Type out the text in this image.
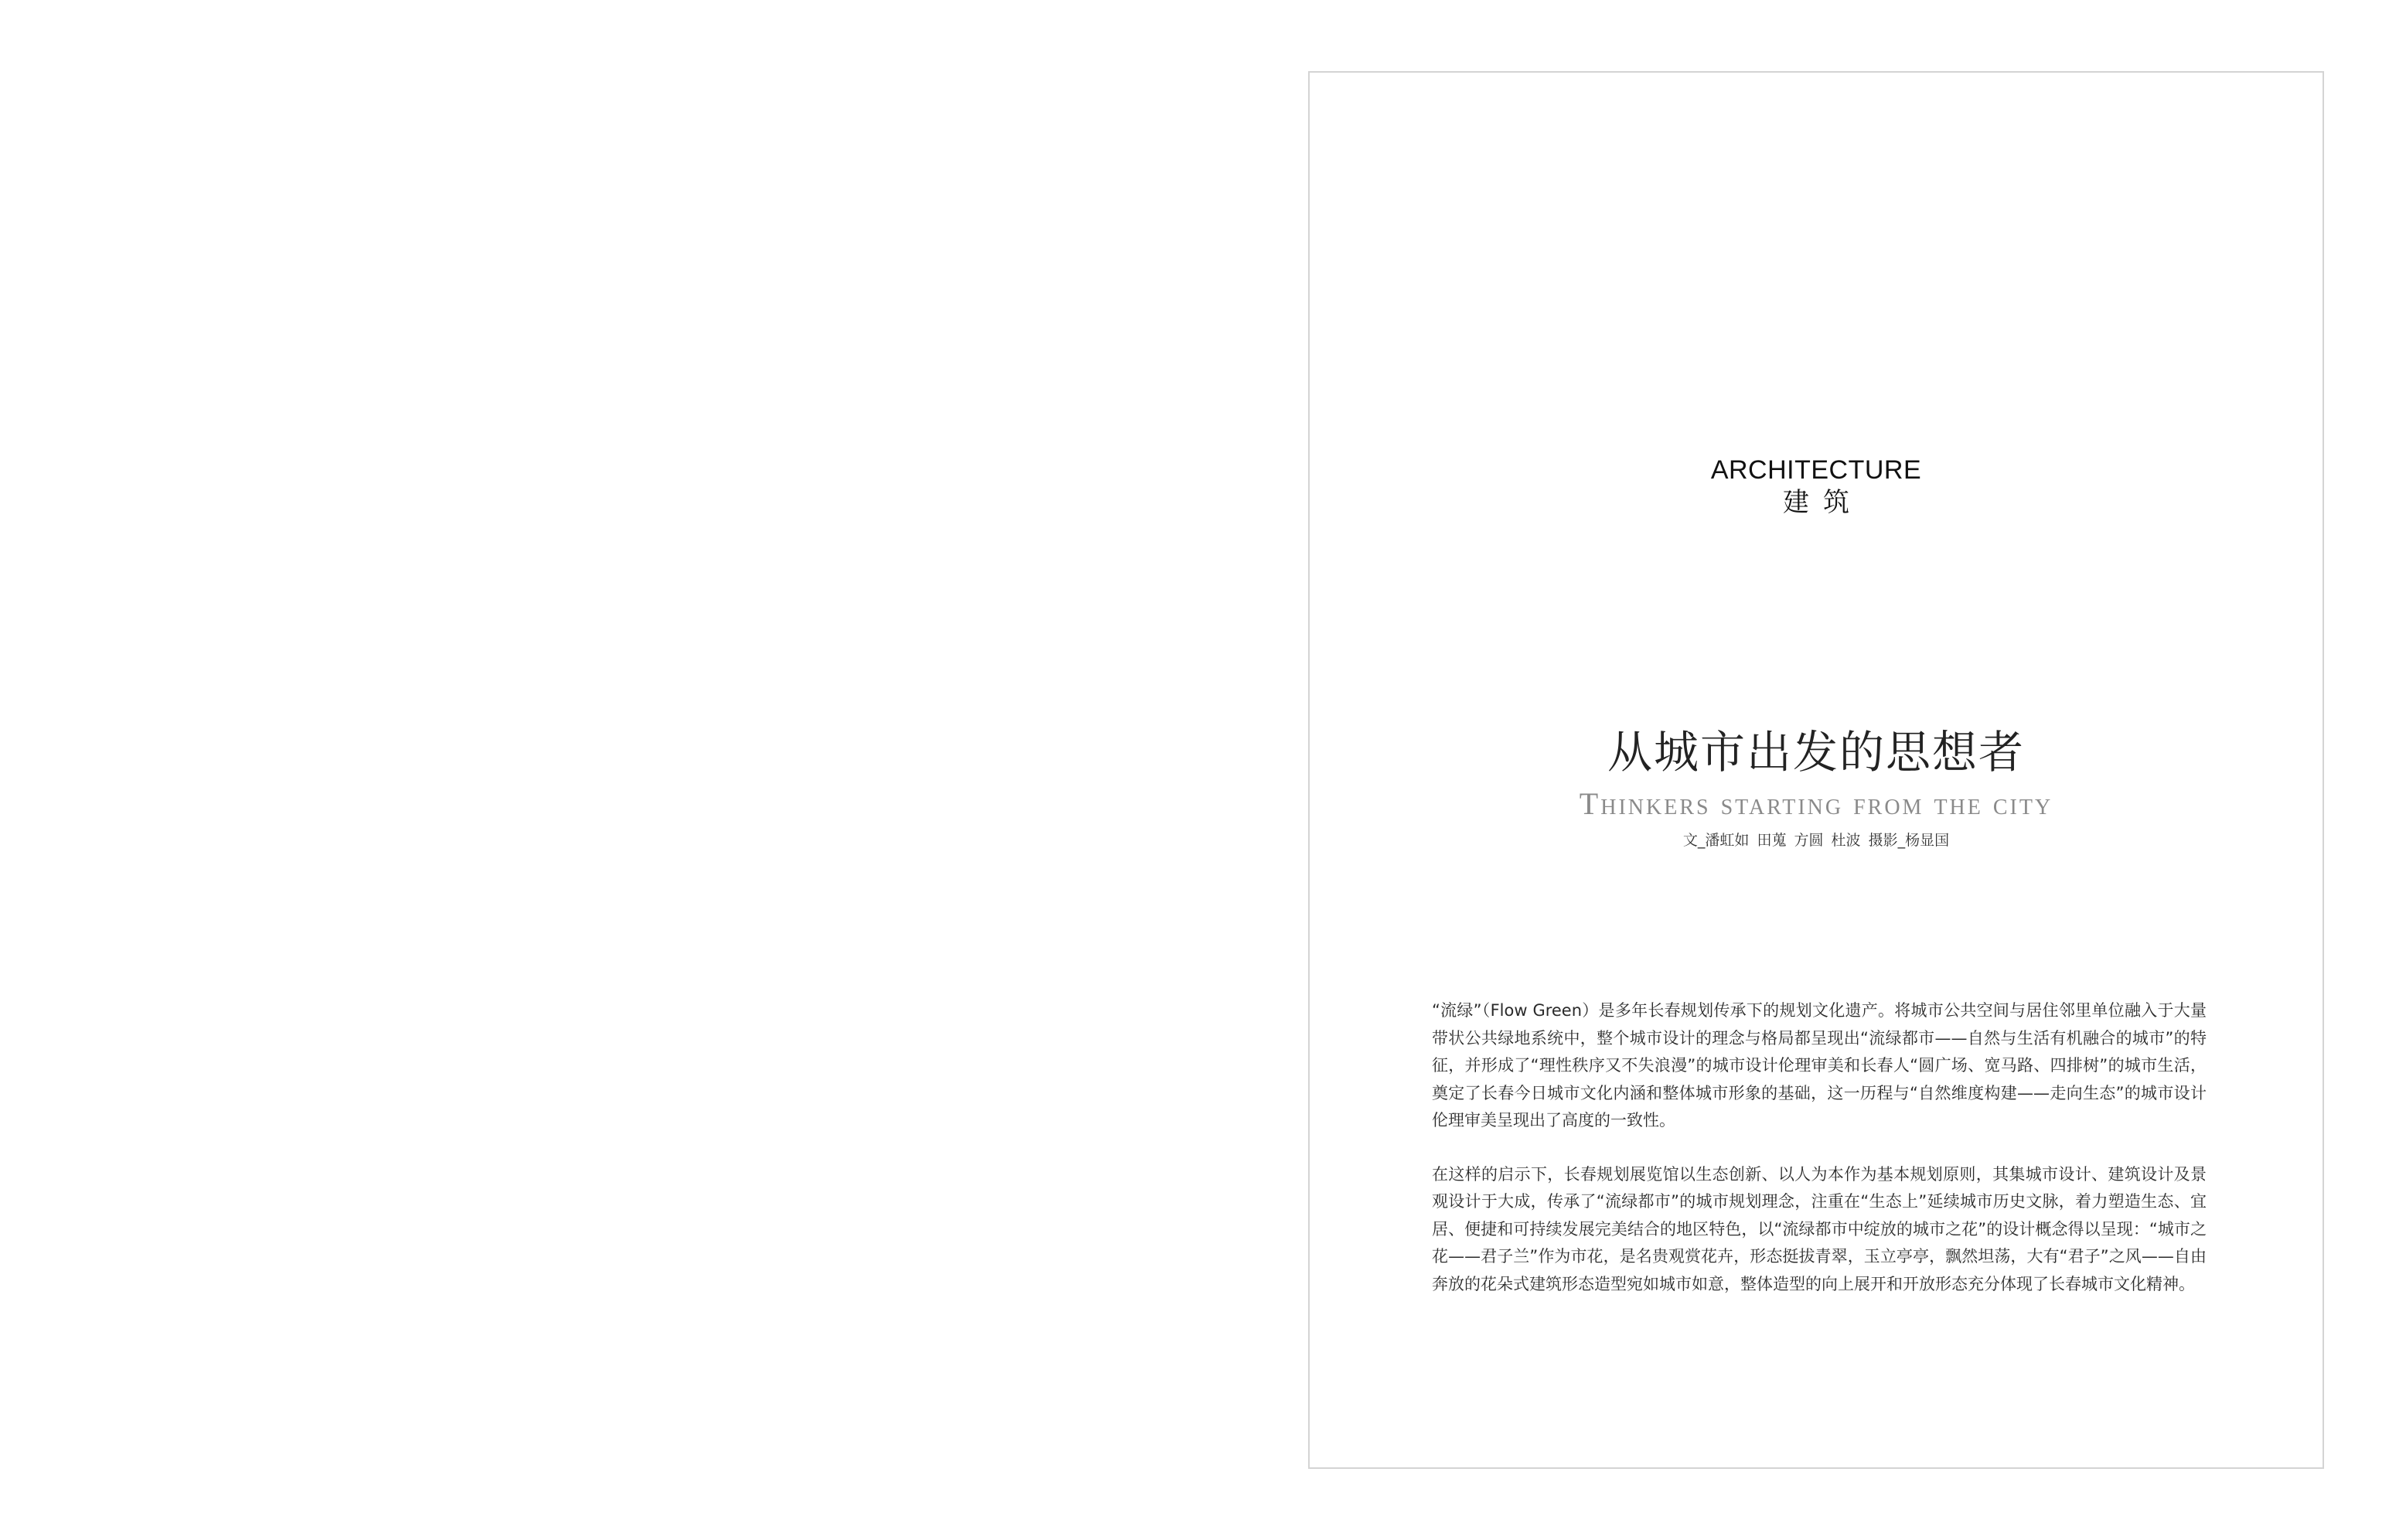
ARCHITECTURE
建筑
从城市出发的思想者
Thinkers starting from the city
文_潘虹如 田蒐 方圆 杜波 摄影_杨显国

“流绿”（Flow Green）是多年长春规划传承下的规划文化遗产。将城市公共空间与居住邻里单位融入于大量带状公共绿地系统中，整个城市设计的理念与格局都呈现出“流绿都市——自然与生活有机融合的城市”的特征，并形成了“理性秩序又不失浪漫”的城市设计伦理审美和长春人“圆广场、宽马路、四排树”的城市生活，奠定了长春今日城市文化内涵和整体城市形象的基础，这一历程与“自然维度构建——走向生态”的城市设计伦理审美呈现出了高度的一致性。

在这样的启示下，长春规划展览馆以生态创新、以人为本作为基本规划原则，其集城市设计、建筑设计及景观设计于大成，传承了“流绿都市”的城市规划理念，注重在“生态上”延续城市历史文脉，着力塑造生态、宜居、便捷和可持续发展完美结合的地区特色，以“流绿都市中绽放的城市之花”的设计概念得以呈现：“城市之花——君子兰”作为市花，是名贵观赏花卉，形态挺拔青翠，玉立亭亭，飘然坦荡，大有“君子”之风——自由奔放的花朵式建筑形态造型宛如城市如意，整体造型的向上展开和开放形态充分体现了长春城市文化精神。
